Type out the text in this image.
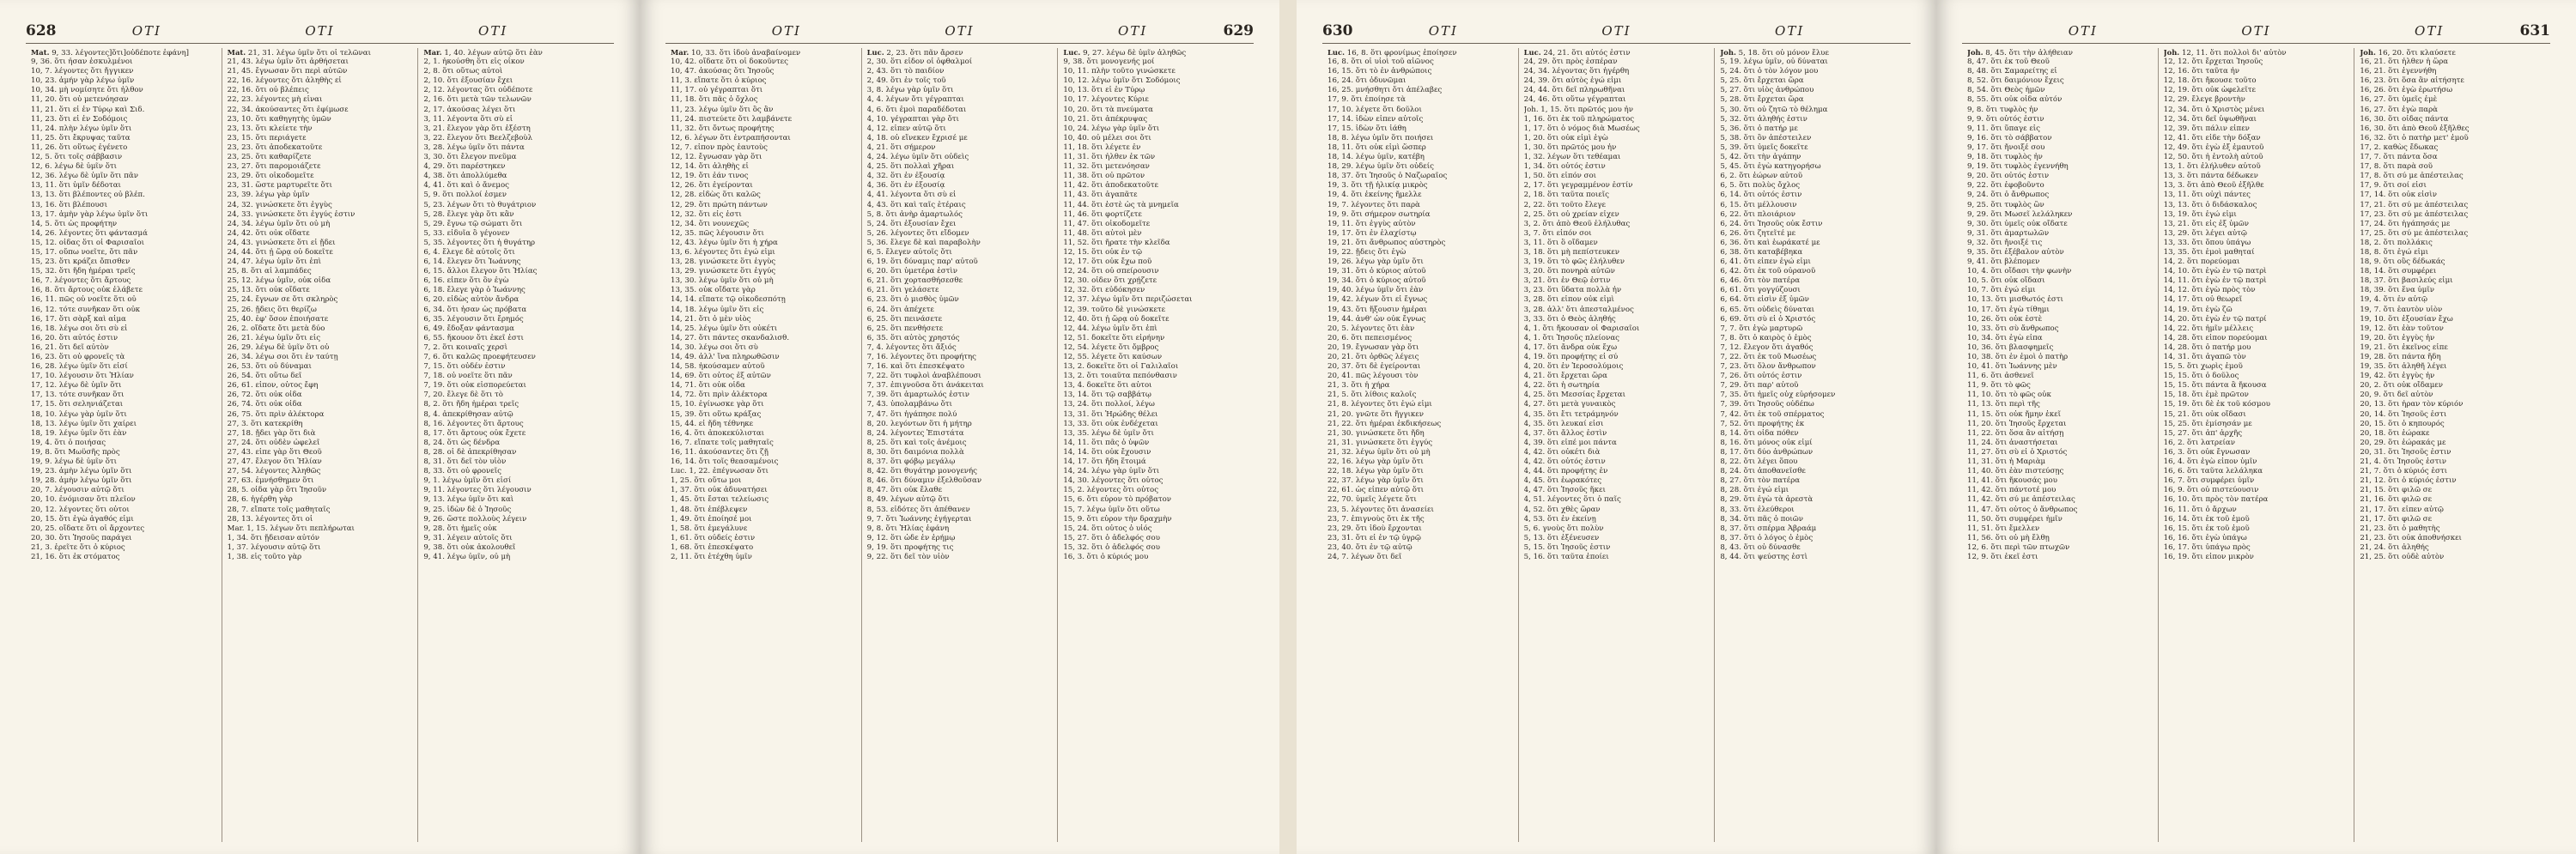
628	ΟΤΙ	ΟΤΙ	ΟΤΙ
Mat. 9, 33. λέγοντες]ὅτι]οὐδέποτε ἐφάνη]
9, 36. ὅτι ἦσαν ἐσκυλμένοι
10, 7. λέγοντες ὅτι ἤγγικεν
10, 23. ἀμήν γὰρ λέγω ὑμῖν
10, 34. μὴ νομίσητε ὅτι ἦλθον
11, 20. ὅτι οὐ μετενόησαν
11, 21. ὅτι εἰ ἐν Τύρῳ καὶ Σιδ.
11, 23. ὅτι εἰ ἐν Σοδόμοις
11, 24. πλὴν λέγω ὑμῖν ὅτι
11, 25. ὅτι ἔκρυψας ταῦτα
11, 26. ὅτι οὕτως ἐγένετο
12, 5. ὅτι τοῖς σάββασιν
12, 6. λέγω δὲ ὑμῖν ὅτι
12, 36. λέγω δὲ ὑμῖν ὅτι πᾶν
13, 11. ὅτι ὑμῖν δέδοται
13, 13. ὅτι βλέποντες οὐ βλέπ.
13, 16. ὅτι βλέπουσι
13, 17. ἀμὴν γὰρ λέγω ὑμῖν ὅτι
14, 5. ὅτι ὡς προφήτην
14, 26. λέγοντες ὅτι φάντασμά
15, 12. οἶδας ὅτι οἱ Φαρισαῖοι
15, 17. οὔπω νοεῖτε, ὅτι πᾶν
15, 23. ὅτι κράζει ὄπισθεν
15, 32. ὅτι ἤδη ἡμέραι τρεῖς
16, 7. λέγοντες ὅτι ἄρτους
16, 8. ὅτι ἄρτους οὐκ ἐλάβετε
16, 11. πῶς οὐ νοεῖτε ὅτι οὐ
16, 12. τότε συνῆκαν ὅτι οὐκ
16, 17. ὅτι σὰρξ καὶ αἷμα
16, 18. λέγω σοι ὅτι σὺ εἶ
16, 20. ὅτι αὐτός ἐστιν
16, 21. ὅτι δεῖ αὐτὸν
16, 23. ὅτι οὐ φρονεῖς τὰ
16, 28. λέγω ὑμῖν ὅτι εἰσί
17, 10. λέγουσιν ὅτι Ἠλίαν
17, 12. λέγω δὲ ὑμῖν ὅτι
17, 13. τότε συνῆκαν ὅτι
17, 15. ὅτι σεληνιάζεται
18, 10. λέγω γὰρ ὑμῖν ὅτι
18, 13. λέγω ὑμῖν ὅτι χαίρει
18, 19. λέγω ὑμῖν ὅτι ἐὰν
19, 4. ὅτι ὁ ποιήσας
19, 8. ὅτι Μωϋσῆς πρὸς
19, 9. λέγω δὲ ὑμῖν ὅτι
19, 23. ἀμὴν λέγω ὑμῖν ὅτι
19, 28. ἀμὴν λέγω ὑμῖν ὅτι
20, 7. λέγουσιν αὐτῷ ὅτι
20, 10. ἐνόμισαν ὅτι πλεῖον
20, 12. λέγοντες ὅτι οὗτοι
20, 15. ὅτι ἐγὼ ἀγαθός εἰμι
20, 25. οἴδατε ὅτι οἱ ἄρχοντες
20, 30. ὅτι Ἰησοῦς παράγει
21, 3. ἐρεῖτε ὅτι ὁ κύριος
21, 16. ὅτι ἐκ στόματος
Mat. 21, 31. λέγω ὑμῖν ὅτι οἱ τελῶναι
21, 43. λέγω ὑμῖν ὅτι ἀρθήσεται
21, 45. ἔγνωσαν ὅτι περὶ αὐτῶν
22, 16. λέγοντες ὅτι ἀληθὴς εἶ
22, 16. ὅτι οὐ βλέπεις
22, 23. λέγοντες μὴ εἶναι
22, 34. ἀκούσαντες ὅτι ἐφίμωσε
23, 10. ὅτι καθηγητὴς ὑμῶν
23, 13. ὅτι κλείετε τὴν
23, 15. ὅτι περιάγετε
23, 23. ὅτι ἀποδεκατοῦτε
23, 25. ὅτι καθαρίζετε
23, 27. ὅτι παρομοιάζετε
23, 29. ὅτι οἰκοδομεῖτε
23, 31. ὥστε μαρτυρεῖτε ὅτι
23, 39. λέγω γὰρ ὑμῖν
24, 32. γινώσκετε ὅτι ἐγγὺς
24, 33. γινώσκετε ὅτι ἐγγύς ἐστιν
24, 34. λέγω ὑμῖν ὅτι οὐ μὴ
24, 42. ὅτι οὐκ οἴδατε
24, 43. γινώσκετε ὅτι εἰ ᾔδει
24, 44. ὅτι ᾗ ὥρᾳ οὐ δοκεῖτε
24, 47. λέγω ὑμῖν ὅτι ἐπὶ
25, 8. ὅτι αἱ λαμπάδες
25, 12. λέγω ὑμῖν, οὐκ οἶδα
25, 13. ὅτι οὐκ οἴδατε
25, 24. ἔγνων σε ὅτι σκληρὸς
25, 26. ᾔδεις ὅτι θερίζω
25, 40. ἐφ' ὅσον ἐποιήσατε
26, 2. οἴδατε ὅτι μετὰ δύο
26, 21. λέγω ὑμῖν ὅτι εἷς
26, 29. λέγω δὲ ὑμῖν ὅτι οὐ
26, 34. λέγω σοι ὅτι ἐν ταύτῃ
26, 53. ὅτι οὐ δύναμαι
26, 54. ὅτι οὕτω δεῖ
26, 61. εἶπον, οὗτος ἔφη
26, 72. ὅτι οὐκ οἶδα
26, 74. ὅτι οὐκ οἶδα
26, 75. ὅτι πρὶν ἀλέκτορα
27, 3. ὅτι κατεκρίθη
27, 18. ᾔδει γὰρ ὅτι διὰ
27, 24. ὅτι οὐδὲν ὠφελεῖ
27, 43. εἶπε γὰρ ὅτι Θεοῦ
27, 47. ἔλεγον ὅτι Ἠλίαν
27, 54. λέγοντες Ἀληθῶς
27, 63. ἐμνήσθημεν ὅτι
28, 5. οἶδα γὰρ ὅτι Ἰησοῦν
28, 6. ἠγέρθη γὰρ
28, 7. εἴπατε τοῖς μαθηταῖς
28, 13. λέγοντες ὅτι οἱ
Mar. 1, 15. λέγων ὅτι πεπλήρωται
1, 34. ὅτι ᾔδεισαν αὐτόν
1, 37. λέγουσιν αὐτῷ ὅτι
1, 38. εἰς τοῦτο γὰρ
Mar. 1, 40. λέγων αὐτῷ ὅτι ἐὰν
2, 1. ἠκούσθη ὅτι εἰς οἶκον
2, 8. ὅτι οὕτως αὐτοὶ
2, 10. ὅτι ἐξουσίαν ἔχει
2, 12. λέγοντας ὅτι οὐδέποτε
2, 16. ὅτι μετὰ τῶν τελωνῶν
2, 17. ἀκούσας λέγει ὅτι
3, 11. λέγοντα ὅτι σὺ εἶ
3, 21. ἔλεγον γὰρ ὅτι ἐξέστη
3, 22. ἔλεγον ὅτι Βεελζεβοὺλ
3, 28. λέγω ὑμῖν ὅτι πάντα
3, 30. ὅτι ἔλεγον πνεῦμα
4, 29. ὅτι παρέστηκεν
4, 38. ὅτι ἀπολλύμεθα
4, 41. ὅτι καὶ ὁ ἄνεμος
5, 9. ὅτι πολλοί ἐσμεν
5, 23. λέγων ὅτι τὸ θυγάτριον
5, 28. ἔλεγε γὰρ ὅτι κἂν
5, 29. ἔγνω τῷ σώματι ὅτι
5, 33. εἰδυῖα ὃ γέγονεν
5, 35. λέγοντες ὅτι ἡ θυγάτηρ
6, 4. ἔλεγε δὲ αὐτοῖς ὅτι
6, 14. ἔλεγεν ὅτι Ἰωάννης
6, 15. ἄλλοι ἔλεγον ὅτι Ἠλίας
6, 16. εἶπεν ὅτι ὃν ἐγὼ
6, 18. ἔλεγε γὰρ ὁ Ἰωάννης
6, 20. εἰδὼς αὐτὸν ἄνδρα
6, 34. ὅτι ἦσαν ὡς πρόβατα
6, 35. λέγουσιν ὅτι ἔρημός
6, 49. ἔδοξαν φάντασμα
6, 55. ἤκουον ὅτι ἐκεῖ ἐστι
7, 2. ὅτι κοιναῖς χερσὶ
7, 6. ὅτι καλῶς προεφήτευσεν
7, 15. ὅτι οὐδέν ἐστιν
7, 18. οὐ νοεῖτε ὅτι πᾶν
7, 19. ὅτι οὐκ εἰσπορεύεται
7, 20. ἔλεγε δὲ ὅτι τὸ
8, 2. ὅτι ἤδη ἡμέραι τρεῖς
8, 4. ἀπεκρίθησαν αὐτῷ
8, 16. λέγοντες ὅτι ἄρτους
8, 17. ὅτι ἄρτους οὐκ ἔχετε
8, 24. ὅτι ὡς δένδρα
8, 28. οἱ δὲ ἀπεκρίθησαν
8, 31. ὅτι δεῖ τὸν υἱὸν
8, 33. ὅτι οὐ φρονεῖς
9, 1. λέγω ὑμῖν ὅτι εἰσί
9, 11. λέγοντες ὅτι λέγουσιν
9, 13. λέγω ὑμῖν ὅτι καὶ
9, 25. ἰδὼν δὲ ὁ Ἰησοῦς
9, 26. ὥστε πολλοὺς λέγειν
9, 28. ὅτι ἡμεῖς οὐκ
9, 31. λέγειν αὐτοῖς ὅτι
9, 38. ὅτι οὐκ ἀκολουθεῖ
9, 41. λέγω ὑμῖν, οὐ μὴ
629
ΟΤΙ	ΟΤΙ	ΟΤΙ
Mar. 10, 33. ὅτι ἰδοὺ ἀναβαίνομεν
10, 42. οἴδατε ὅτι οἱ δοκοῦντες
10, 47. ἀκούσας ὅτι Ἰησοῦς
11, 3. εἴπατε ὅτι ὁ κύριος
11, 17. οὐ γέγραπται ὅτι
11, 18. ὅτι πᾶς ὁ ὄχλος
11, 23. λέγω ὑμῖν ὅτι ὃς ἂν
11, 24. πιστεύετε ὅτι λαμβάνετε
11, 32. ὅτι ὄντως προφήτης
12, 6. λέγων ὅτι ἐντραπήσονται
12, 7. εἶπον πρὸς ἑαυτοὺς
12, 12. ἔγνωσαν γὰρ ὅτι
12, 14. ὅτι ἀληθὴς εἶ
12, 19. ὅτι ἐάν τινος
12, 26. ὅτι ἐγείρονται
12, 28. εἰδὼς ὅτι καλῶς
12, 29. ὅτι πρώτη πάντων
12, 32. ὅτι εἷς ἐστι
12, 34. ὅτι νουνεχῶς
12, 35. πῶς λέγουσιν ὅτι
12, 43. λέγω ὑμῖν ὅτι ἡ χήρα
13, 6. λέγοντες ὅτι ἐγώ εἰμι
13, 28. γινώσκετε ὅτι ἐγγὺς
13, 29. γινώσκετε ὅτι ἐγγύς
13, 30. λέγω ὑμῖν ὅτι οὐ μὴ
13, 35. οὐκ οἴδατε γὰρ
14, 14. εἴπατε τῷ οἰκοδεσπότῃ
14, 18. λέγω ὑμῖν ὅτι εἷς
14, 21. ὅτι ὁ μὲν υἱὸς
14, 25. λέγω ὑμῖν ὅτι οὐκέτι
14, 27. ὅτι πάντες σκανδαλισθ.
14, 30. λέγω σοι ὅτι σὺ
14, 49. ἀλλ' ἵνα πληρωθῶσιν
14, 58. ἠκούσαμεν αὐτοῦ
14, 69. ὅτι οὗτος ἐξ αὐτῶν
14, 71. ὅτι οὐκ οἶδα
14, 72. ὅτι πρὶν ἀλέκτορα
15, 10. ἐγίνωσκε γὰρ ὅτι
15, 39. ὅτι οὕτω κράξας
15, 44. εἰ ἤδη τέθνηκε
16, 4. ὅτι ἀποκεκύλισται
16, 7. εἴπατε τοῖς μαθηταῖς
16, 11. ἀκούσαντες ὅτι ζῇ
16, 14. ὅτι τοῖς θεασαμένοις
Luc. 1, 22. ἐπέγνωσαν ὅτι
1, 25. ὅτι οὕτω μοι
1, 37. ὅτι οὐκ ἀδυνατήσει
1, 45. ὅτι ἔσται τελείωσις
1, 48. ὅτι ἐπέβλεψεν
1, 49. ὅτι ἐποίησέ μοι
1, 58. ὅτι ἐμεγάλυνε
1, 61. ὅτι οὐδείς ἐστιν
1, 68. ὅτι ἐπεσκέψατο
2, 11. ὅτι ἐτέχθη ὑμῖν
Luc. 2, 23. ὅτι πᾶν ἄρσεν
2, 30. ὅτι εἶδον οἱ ὀφθαλμοί
2, 43. ὅτι τὸ παιδίον
2, 49. ὅτι ἐν τοῖς τοῦ
3, 8. λέγω γὰρ ὑμῖν ὅτι
4, 4. λέγων ὅτι γέγραπται
4, 6. ὅτι ἐμοὶ παραδέδοται
4, 10. γέγραπται γὰρ ὅτι
4, 12. εἶπεν αὐτῷ ὅτι
4, 18. οὗ εἵνεκεν ἔχρισέ με
4, 21. ὅτι σήμερον
4, 24. λέγω ὑμῖν ὅτι οὐδεὶς
4, 25. ὅτι πολλαὶ χῆραι
4, 32. ὅτι ἐν ἐξουσίᾳ
4, 36. ὅτι ἐν ἐξουσίᾳ
4, 41. λέγοντα ὅτι σὺ εἶ
4, 43. ὅτι καὶ ταῖς ἑτέραις
5, 8. ὅτι ἀνὴρ ἁμαρτωλός
5, 24. ὅτι ἐξουσίαν ἔχει
5, 26. λέγοντες ὅτι εἴδομεν
5, 36. ἔλεγε δὲ καὶ παραβολὴν
6, 5. ἔλεγεν αὐτοῖς ὅτι
6, 19. ὅτι δύναμις παρ' αὐτοῦ
6, 20. ὅτι ὑμετέρα ἐστὶν
6, 21. ὅτι χορτασθήσεσθε
6, 21. ὅτι γελάσετε
6, 23. ὅτι ὁ μισθὸς ὑμῶν
6, 24. ὅτι ἀπέχετε
6, 25. ὅτι πεινάσετε
6, 25. ὅτι πενθήσετε
6, 35. ὅτι αὐτὸς χρηστός
7, 4. λέγοντες ὅτι ἄξιός
7, 16. λέγοντες ὅτι προφήτης
7, 16. καὶ ὅτι ἐπεσκέψατο
7, 22. ὅτι τυφλοὶ ἀναβλέπουσι
7, 37. ἐπιγνοῦσα ὅτι ἀνάκειται
7, 39. ὅτι ἁμαρτωλός ἐστιν
7, 43. ὑπολαμβάνω ὅτι
7, 47. ὅτι ἠγάπησε πολύ
8, 20. λεγόντων ὅτι ἡ μήτηρ
8, 24. λέγοντες Ἐπιστάτα
8, 25. ὅτι καὶ τοῖς ἀνέμοις
8, 30. ὅτι δαιμόνια πολλὰ
8, 37. ὅτι φόβῳ μεγάλῳ
8, 42. ὅτι θυγάτηρ μονογενής
8, 46. ὅτι δύναμιν ἐξελθοῦσαν
8, 47. ὅτι οὐκ ἔλαθε
8, 49. λέγων αὐτῷ ὅτι
8, 53. εἰδότες ὅτι ἀπέθανεν
9, 7. ὅτι Ἰωάννης ἐγήγερται
9, 8. ὅτι Ἠλίας ἐφάνη
9, 12. ὅτι ὧδε ἐν ἐρήμῳ
9, 19. ὅτι προφήτης τις
9, 22. ὅτι δεῖ τὸν υἱὸν
Luc. 9, 27. λέγω δὲ ὑμῖν ἀληθῶς
9, 38. ὅτι μονογενής μοί
10, 11. πλὴν τοῦτο γινώσκετε
10, 12. λέγω ὑμῖν ὅτι Σοδόμοις
10, 13. ὅτι εἰ ἐν Τύρῳ
10, 17. λέγοντες Κύριε
10, 20. ὅτι τὰ πνεύματα
10, 21. ὅτι ἀπέκρυψας
10, 24. λέγω γὰρ ὑμῖν ὅτι
10, 40. οὐ μέλει σοι ὅτι
11, 18. ὅτι λέγετε ἐν
11, 31. ὅτι ἦλθεν ἐκ τῶν
11, 32. ὅτι μετενόησαν
11, 38. ὅτι οὐ πρῶτον
11, 42. ὅτι ἀποδεκατοῦτε
11, 43. ὅτι ἀγαπᾶτε
11, 44. ὅτι ἐστὲ ὡς τὰ μνημεῖα
11, 46. ὅτι φορτίζετε
11, 47. ὅτι οἰκοδομεῖτε
11, 48. ὅτι αὐτοὶ μὲν
11, 52. ὅτι ἤρατε τὴν κλεῖδα
12, 15. ὅτι οὐκ ἐν τῷ
12, 17. ὅτι οὐκ ἔχω ποῦ
12, 24. ὅτι οὐ σπείρουσιν
12, 30. οἶδεν ὅτι χρῄζετε
12, 32. ὅτι εὐδόκησεν
12, 37. λέγω ὑμῖν ὅτι περιζώσεται
12, 39. τοῦτο δὲ γινώσκετε
12, 40. ὅτι ᾗ ὥρᾳ οὐ δοκεῖτε
12, 44. λέγω ὑμῖν ὅτι ἐπὶ
12, 51. δοκεῖτε ὅτι εἰρήνην
12, 54. λέγετε ὅτι ὄμβρος
12, 55. λέγετε ὅτι καύσων
13, 2. δοκεῖτε ὅτι οἱ Γαλιλαῖοι
13, 2. ὅτι τοιαῦτα πεπόνθασιν
13, 4. δοκεῖτε ὅτι αὗτοι
13, 14. ὅτι τῷ σαββάτῳ
13, 24. ὅτι πολλοί, λέγω
13, 31. ὅτι Ἡρώδης θέλει
13, 33. ὅτι οὐκ ἐνδέχεται
13, 35. λέγω δὲ ὑμῖν ὅτι
14, 11. ὅτι πᾶς ὁ ὑψῶν
14, 14. ὅτι οὐκ ἔχουσιν
14, 17. ὅτι ἤδη ἕτοιμά
14, 24. λέγω γὰρ ὑμῖν ὅτι
14, 30. λέγοντες ὅτι οὗτος
15, 2. λέγοντες ὅτι οὗτος
15, 6. ὅτι εὗρον τὸ πρόβατον
15, 7. λέγω ὑμῖν ὅτι οὕτω
15, 9. ὅτι εὗρον τὴν δραχμὴν
15, 24. ὅτι οὗτος ὁ υἱός
15, 27. ὅτι ὁ ἀδελφός σου
15, 32. ὅτι ὁ ἀδελφός σου
16, 3. ὅτι ὁ κύριός μου
630	ΟΤΙ	ΟΤΙ	ΟΤΙ
Luc. 16, 8. ὅτι φρονίμως ἐποίησεν
16, 8. ὅτι οἱ υἱοὶ τοῦ αἰῶνος
16, 15. ὅτι τὸ ἐν ἀνθρώποις
16, 24. ὅτι ὀδυνῶμαι
16, 25. μνήσθητι ὅτι ἀπέλαβες
17, 9. ὅτι ἐποίησε τὰ
17, 10. λέγετε ὅτι δοῦλοι
17, 14. ἰδὼν εἶπεν αὐτοῖς
17, 15. ἰδὼν ὅτι ἰάθη
18, 8. λέγω ὑμῖν ὅτι ποιήσει
18, 11. ὅτι οὐκ εἰμὶ ὥσπερ
18, 14. λέγω ὑμῖν, κατέβη
18, 29. λέγω ὑμῖν ὅτι οὐδείς
18, 37. ὅτι Ἰησοῦς ὁ Ναζωραῖος
19, 3. ὅτι τῇ ἡλικίᾳ μικρὸς
19, 4. ὅτι ἐκείνης ἤμελλε
19, 7. λέγοντες ὅτι παρὰ
19, 9. ὅτι σήμερον σωτηρία
19, 11. ὅτι ἐγγὺς αὐτὸν
19, 17. ὅτι ἐν ἐλαχίστῳ
19, 21. ὅτι ἄνθρωπος αὐστηρὸς
19, 22. ᾔδεις ὅτι ἐγὼ
19, 26. λέγω γὰρ ὑμῖν ὅτι
19, 31. ὅτι ὁ κύριος αὐτοῦ
19, 34. ὅτι ὁ κύριος αὐτοῦ
19, 40. λέγω ὑμῖν ὅτι ἐὰν
19, 42. λέγων ὅτι εἰ ἔγνως
19, 43. ὅτι ἥξουσιν ἡμέραι
19, 44. ἀνθ' ὧν οὐκ ἔγνως
20, 5. λέγοντες ὅτι ἐὰν
20, 6. ὅτι πεπεισμένος
20, 19. ἔγνωσαν γὰρ ὅτι
20, 21. ὅτι ὀρθῶς λέγεις
20, 37. ὅτι δὲ ἐγείρονται
20, 41. πῶς λέγουσι τὸν
21, 3. ὅτι ἡ χήρα
21, 5. ὅτι λίθοις καλοῖς
21, 8. λέγοντες ὅτι ἐγώ εἰμι
21, 20. γνῶτε ὅτι ἤγγικεν
21, 22. ὅτι ἡμέραι ἐκδικήσεως
21, 30. γινώσκετε ὅτι ἤδη
21, 31. γινώσκετε ὅτι ἐγγύς
21, 32. λέγω ὑμῖν ὅτι οὐ μὴ
22, 16. λέγω γὰρ ὑμῖν ὅτι
22, 18. λέγω γὰρ ὑμῖν ὅτι
22, 37. λέγω γὰρ ὑμῖν ὅτι
22, 61. ὡς εἶπεν αὐτῷ ὅτι
22, 70. ὑμεῖς λέγετε ὅτι
23, 5. λέγοντες ὅτι ἀνασείει
23, 7. ἐπιγνοὺς ὅτι ἐκ τῆς
23, 29. ὅτι ἰδοὺ ἔρχονται
23, 31. ὅτι εἰ ἐν τῷ ὑγρῷ
23, 40. ὅτι ἐν τῷ αὐτῷ
24, 7. λέγων ὅτι δεῖ
Luc. 24, 21. ὅτι αὐτός ἐστιν
24, 29. ὅτι πρὸς ἑσπέραν
24, 34. λέγοντας ὅτι ἠγέρθη
24, 39. ὅτι αὐτὸς ἐγώ εἰμι
24, 44. ὅτι δεῖ πληρωθῆναι
24, 46. ὅτι οὕτω γέγραπται
Joh. 1, 15. ὅτι πρῶτός μου ἦν
1, 16. ὅτι ἐκ τοῦ πληρώματος
1, 17. ὅτι ὁ νόμος διὰ Μωσέως
1, 20. ὅτι οὐκ εἰμὶ ἐγὼ
1, 30. ὅτι πρῶτός μου ἦν
1, 32. λέγων ὅτι τεθέαμαι
1, 34. ὅτι οὗτός ἐστιν
1, 50. ὅτι εἶπόν σοι
2, 17. ὅτι γεγραμμένον ἐστίν
2, 18. ὅτι ταῦτα ποιεῖς
2, 22. ὅτι τοῦτο ἔλεγε
2, 25. ὅτι οὐ χρείαν εἶχεν
3, 2. ὅτι ἀπὸ Θεοῦ ἐλήλυθας
3, 7. ὅτι εἶπόν σοι
3, 11. ὅτι ὃ οἴδαμεν
3, 18. ὅτι μὴ πεπίστευκεν
3, 19. ὅτι τὸ φῶς ἐλήλυθεν
3, 20. ὅτι πονηρὰ αὐτῶν
3, 21. ὅτι ἐν Θεῷ ἐστιν
3, 23. ὅτι ὕδατα πολλὰ ἦν
3, 28. ὅτι εἶπον οὐκ εἰμὶ
3, 28. ἀλλ' ὅτι ἀπεσταλμένος
3, 33. ὅτι ὁ Θεὸς ἀληθής
4, 1. ὅτι ἤκουσαν οἱ Φαρισαῖοι
4, 1. ὅτι Ἰησοῦς πλείονας
4, 17. ὅτι ἄνδρα οὐκ ἔχω
4, 19. ὅτι προφήτης εἶ σύ
4, 20. ὅτι ἐν Ἱεροσολύμοις
4, 21. ὅτι ἔρχεται ὥρα
4, 22. ὅτι ἡ σωτηρία
4, 25. ὅτι Μεσσίας ἔρχεται
4, 27. ὅτι μετὰ γυναικὸς
4, 35. ὅτι ἔτι τετράμηνόν
4, 35. ὅτι λευκαί εἰσι
4, 37. ὅτι ἄλλος ἐστὶν
4, 39. ὅτι εἶπέ μοι πάντα
4, 42. ὅτι οὐκέτι διὰ
4, 42. ὅτι οὗτός ἐστιν
4, 44. ὅτι προφήτης ἐν
4, 45. ὅτι ἑωρακότες
4, 47. ὅτι Ἰησοῦς ἥκει
4, 51. λέγοντες ὅτι ὁ παῖς
4, 52. ὅτι χθὲς ὥραν
4, 53. ὅτι ἐν ἐκείνῃ
5, 6. γνοὺς ὅτι πολὺν
5, 13. ὅτι ἐξένευσεν
5, 15. ὅτι Ἰησοῦς ἐστιν
5, 16. ὅτι ταῦτα ἐποίει
Joh. 5, 18. ὅτι οὐ μόνον ἔλυε
5, 19. λέγω ὑμῖν, οὐ δύναται
5, 24. ὅτι ὁ τὸν λόγον μου
5, 25. ὅτι ἔρχεται ὥρα
5, 27. ὅτι υἱὸς ἀνθρώπου
5, 28. ὅτι ἔρχεται ὥρα
5, 30. ὅτι οὐ ζητῶ τὸ θέλημα
5, 32. ὅτι ἀληθής ἐστιν
5, 36. ὅτι ὁ πατήρ με
5, 38. ὅτι ὃν ἀπέστειλεν
5, 39. ὅτι ὑμεῖς δοκεῖτε
5, 42. ὅτι τὴν ἀγάπην
5, 45. ὅτι ἐγὼ κατηγορήσω
6, 2. ὅτι ἑώρων αὐτοῦ
6, 5. ὅτι πολὺς ὄχλος
6, 14. ὅτι οὗτός ἐστιν
6, 15. ὅτι μέλλουσιν
6, 22. ὅτι πλοιάριον
6, 24. ὅτι Ἰησοῦς οὐκ ἔστιν
6, 26. ὅτι ζητεῖτέ με
6, 36. ὅτι καὶ ἑωράκατέ με
6, 38. ὅτι καταβέβηκα
6, 41. ὅτι εἶπεν ἐγώ εἰμι
6, 42. ὅτι ἐκ τοῦ οὐρανοῦ
6, 46. ὅτι τὸν πατέρα
6, 61. ὅτι γογγύζουσι
6, 64. ὅτι εἰσὶν ἐξ ὑμῶν
6, 65. ὅτι οὐδεὶς δύναται
6, 69. ὅτι σὺ εἶ ὁ Χριστός
7, 7. ὅτι ἐγὼ μαρτυρῶ
7, 8. ὅτι ὁ καιρὸς ὁ ἐμὸς
7, 12. ἔλεγον ὅτι ἀγαθός
7, 22. ὅτι ἐκ τοῦ Μωσέως
7, 23. ὅτι ὅλον ἄνθρωπον
7, 26. ὅτι οὗτός ἐστιν
7, 29. ὅτι παρ' αὐτοῦ
7, 35. ὅτι ἡμεῖς οὐχ εὑρήσομεν
7, 39. ὅτι Ἰησοῦς οὐδέπω
7, 42. ὅτι ἐκ τοῦ σπέρματος
7, 52. ὅτι προφήτης ἐκ
8, 14. ὅτι οἶδα πόθεν
8, 16. ὅτι μόνος οὐκ εἰμί
8, 17. ὅτι δύο ἀνθρώπων
8, 22. ὅτι λέγει ὅπου
8, 24. ὅτι ἀποθανεῖσθε
8, 27. ὅτι τὸν πατέρα
8, 28. ὅτι ἐγώ εἰμι
8, 29. ὅτι ἐγὼ τὰ ἀρεστὰ
8, 33. ὅτι ἐλεύθεροι
8, 34. ὅτι πᾶς ὁ ποιῶν
8, 37. ὅτι σπέρμα Ἀβραάμ
8, 37. ὅτι ὁ λόγος ὁ ἐμὸς
8, 43. ὅτι οὐ δύνασθε
8, 44. ὅτι ψεύστης ἐστὶ
631
ΟΤΙ	ΟΤΙ	ΟΤΙ
Joh. 8, 45. ὅτι τὴν ἀλήθειαν
8, 47. ὅτι ἐκ τοῦ Θεοῦ
8, 48. ὅτι Σαμαρείτης εἶ
8, 52. ὅτι δαιμόνιον ἔχεις
8, 54. ὅτι Θεὸς ἡμῶν
8, 55. ὅτι οὐκ οἶδα αὐτόν
9, 8. ὅτι τυφλὸς ἦν
9, 9. ὅτι οὗτός ἐστιν
9, 11. ὅτι ὕπαγε εἰς
9, 16. ὅτι τὸ σάββατον
9, 17. ὅτι ἤνοιξέ σου
9, 18. ὅτι τυφλὸς ἦν
9, 19. ὅτι τυφλὸς ἐγεννήθη
9, 20. ὅτι οὗτός ἐστιν
9, 22. ὅτι ἐφοβοῦντο
9, 24. ὅτι ὁ ἄνθρωπος
9, 25. ὅτι τυφλὸς ὢν
9, 29. ὅτι Μωσεῖ λελάληκεν
9, 30. ὅτι ὑμεῖς οὐκ οἴδατε
9, 31. ὅτι ἁμαρτωλῶν
9, 32. ὅτι ἤνοιξέ τις
9, 35. ὅτι ἐξέβαλον αὐτὸν
9, 41. ὅτι βλέπομεν
10, 4. ὅτι οἴδασι τὴν φωνὴν
10, 5. ὅτι οὐκ οἴδασι
10, 7. ὅτι ἐγώ εἰμι
10, 13. ὅτι μισθωτός ἐστι
10, 17. ὅτι ἐγὼ τίθημι
10, 26. ὅτι οὐκ ἐστὲ
10, 33. ὅτι σὺ ἄνθρωπος
10, 34. ὅτι ἐγὼ εἶπα
10, 36. ὅτι βλασφημεῖς
10, 38. ὅτι ἐν ἐμοὶ ὁ πατὴρ
10, 41. ὅτι Ἰωάννης μὲν
11, 6. ὅτι ἀσθενεῖ
11, 9. ὅτι τὸ φῶς
11, 10. ὅτι τὸ φῶς οὐκ
11, 13. ὅτι περὶ τῆς
11, 15. ὅτι οὐκ ἤμην ἐκεῖ
11, 20. ὅτι Ἰησοῦς ἔρχεται
11, 22. ὅτι ὅσα ἂν αἰτήσῃ
11, 24. ὅτι ἀναστήσεται
11, 27. ὅτι σὺ εἶ ὁ Χριστός
11, 31. ὅτι ἡ Μαριὰμ
11, 40. ὅτι ἐὰν πιστεύσῃς
11, 41. ὅτι ἤκουσάς μου
11, 42. ὅτι πάντοτέ μου
11, 42. ὅτι σύ με ἀπέστειλας
11, 47. ὅτι οὗτος ὁ ἄνθρωπος
11, 50. ὅτι συμφέρει ἡμῖν
11, 51. ὅτι ἔμελλεν
11, 56. ὅτι οὐ μὴ ἔλθῃ
12, 6. ὅτι περὶ τῶν πτωχῶν
12, 9. ὅτι ἐκεῖ ἐστι
Joh. 12, 11. ὅτι πολλοὶ δι' αὐτὸν
12, 12. ὅτι ἔρχεται Ἰησοῦς
12, 16. ὅτι ταῦτα ἦν
12, 18. ὅτι ἤκουσε τοῦτο
12, 19. ὅτι οὐκ ὠφελεῖτε
12, 29. ἔλεγε βροντὴν
12, 34. ὅτι ὁ Χριστὸς μένει
12, 34. ὅτι δεῖ ὑψωθῆναι
12, 39. ὅτι πάλιν εἶπεν
12, 41. ὅτι εἶδε τὴν δόξαν
12, 49. ὅτι ἐγὼ ἐξ ἐμαυτοῦ
12, 50. ὅτι ἡ ἐντολὴ αὐτοῦ
13, 1. ὅτι ἐλήλυθεν αὐτοῦ
13, 3. ὅτι πάντα δέδωκεν
13, 3. ὅτι ἀπὸ Θεοῦ ἐξῆλθε
13, 11. ὅτι οὐχὶ πάντες
13, 13. ὅτι ὁ διδάσκαλος
13, 19. ὅτι ἐγώ εἰμι
13, 21. ὅτι εἷς ἐξ ὑμῶν
13, 29. ὅτι λέγει αὐτῷ
13, 33. ὅτι ὅπου ὑπάγω
13, 35. ὅτι ἐμοὶ μαθηταί
14, 2. ὅτι πορεύομαι
14, 10. ὅτι ἐγὼ ἐν τῷ πατρὶ
14, 11. ὅτι ἐγὼ ἐν τῷ πατρὶ
14, 12. ὅτι ἐγὼ πρὸς τὸν
14, 17. ὅτι οὐ θεωρεῖ
14, 19. ὅτι ἐγὼ ζῶ
14, 20. ὅτι ἐγὼ ἐν τῷ πατρί
14, 22. ὅτι ἡμῖν μέλλεις
14, 28. ὅτι εἶπον πορεύομαι
14, 28. ὅτι ὁ πατήρ μου
14, 31. ὅτι ἀγαπῶ τὸν
15, 5. ὅτι χωρὶς ἐμοῦ
15, 15. ὅτι ὁ δοῦλος
15, 15. ὅτι πάντα ἃ ἤκουσα
15, 18. ὅτι ἐμὲ πρῶτον
15, 19. ὅτι δὲ ἐκ τοῦ κόσμου
15, 21. ὅτι οὐκ οἴδασι
15, 25. ὅτι ἐμίσησάν με
15, 27. ὅτι ἀπ' ἀρχῆς
16, 2. ὅτι λατρείαν
16, 3. ὅτι οὐκ ἔγνωσαν
16, 4. ὅτι ἐγὼ εἶπον ὑμῖν
16, 6. ὅτι ταῦτα λελάληκα
16, 7. ὅτι συμφέρει ὑμῖν
16, 9. ὅτι οὐ πιστεύουσιν
16, 10. ὅτι πρὸς τὸν πατέρα
16, 11. ὅτι ὁ ἄρχων
16, 14. ὅτι ἐκ τοῦ ἐμοῦ
16, 15. ὅτι ἐκ τοῦ ἐμοῦ
16, 16. ὅτι ἐγὼ ὑπάγω
16, 17. ὅτι ὑπάγω πρὸς
16, 19. ὅτι εἶπον μικρὸν
Joh. 16, 20. ὅτι κλαύσετε
16, 21. ὅτι ἦλθεν ἡ ὥρα
16, 21. ὅτι ἐγεννήθη
16, 23. ὅτι ὅσα ἂν αἰτήσητε
16, 26. ὅτι ἐγὼ ἐρωτήσω
16, 27. ὅτι ὑμεῖς ἐμὲ
16, 27. ὅτι ἐγὼ παρὰ
16, 30. ὅτι οἶδας πάντα
16, 30. ὅτι ἀπὸ Θεοῦ ἐξῆλθες
16, 32. ὅτι ὁ πατὴρ μετ' ἐμοῦ
17, 2. καθὼς ἔδωκας
17, 7. ὅτι πάντα ὅσα
17, 8. ὅτι παρὰ σοῦ
17, 8. ὅτι σύ με ἀπέστειλας
17, 9. ὅτι σοί εἰσι
17, 14. ὅτι οὐκ εἰσὶν
17, 21. ὅτι σύ με ἀπέστειλας
17, 23. ὅτι σύ με ἀπέστειλας
17, 24. ὅτι ἠγάπησάς με
17, 25. ὅτι σύ με ἀπέστειλας
18, 2. ὅτι πολλάκις
18, 8. ὅτι ἐγώ εἰμι
18, 9. ὅτι οὓς δέδωκάς
18, 14. ὅτι συμφέρει
18, 37. ὅτι βασιλεύς εἰμι
18, 39. ὅτι ἕνα ὑμῖν
19, 4. ὅτι ἐν αὐτῷ
19, 7. ὅτι ἑαυτὸν υἱὸν
19, 10. ὅτι ἐξουσίαν ἔχω
19, 12. ὅτι ἐὰν τοῦτον
19, 20. ὅτι ἐγγὺς ἦν
19, 21. ὅτι ἐκεῖνος εἶπε
19, 28. ὅτι πάντα ἤδη
19, 35. ὅτι ἀληθῆ λέγει
19, 42. ὅτι ἐγγὺς ἦν
20, 2. ὅτι οὐκ οἴδαμεν
20, 9. ὅτι δεῖ αὐτὸν
20, 13. ὅτι ἦραν τὸν κύριόν
20, 14. ὅτι Ἰησοῦς ἐστι
20, 15. ὅτι ὁ κηπουρός
20, 18. ὅτι ἑώρακε
20, 29. ὅτι ἑώρακάς με
20, 31. ὅτι Ἰησοῦς ἐστιν
21, 4. ὅτι Ἰησοῦς ἐστιν
21, 7. ὅτι ὁ κύριός ἐστι
21, 12. ὅτι ὁ κύριός ἐστιν
21, 15. ὅτι φιλῶ σε
21, 16. ὅτι φιλῶ σε
21, 17. ὅτι εἶπεν αὐτῷ
21, 17. ὅτι φιλῶ σε
21, 23. ὅτι ὁ μαθητὴς
21, 23. ὅτι οὐκ ἀποθνήσκει
21, 24. ὅτι ἀληθής
21, 25. ὅτι οὐδὲ αὐτὸν
